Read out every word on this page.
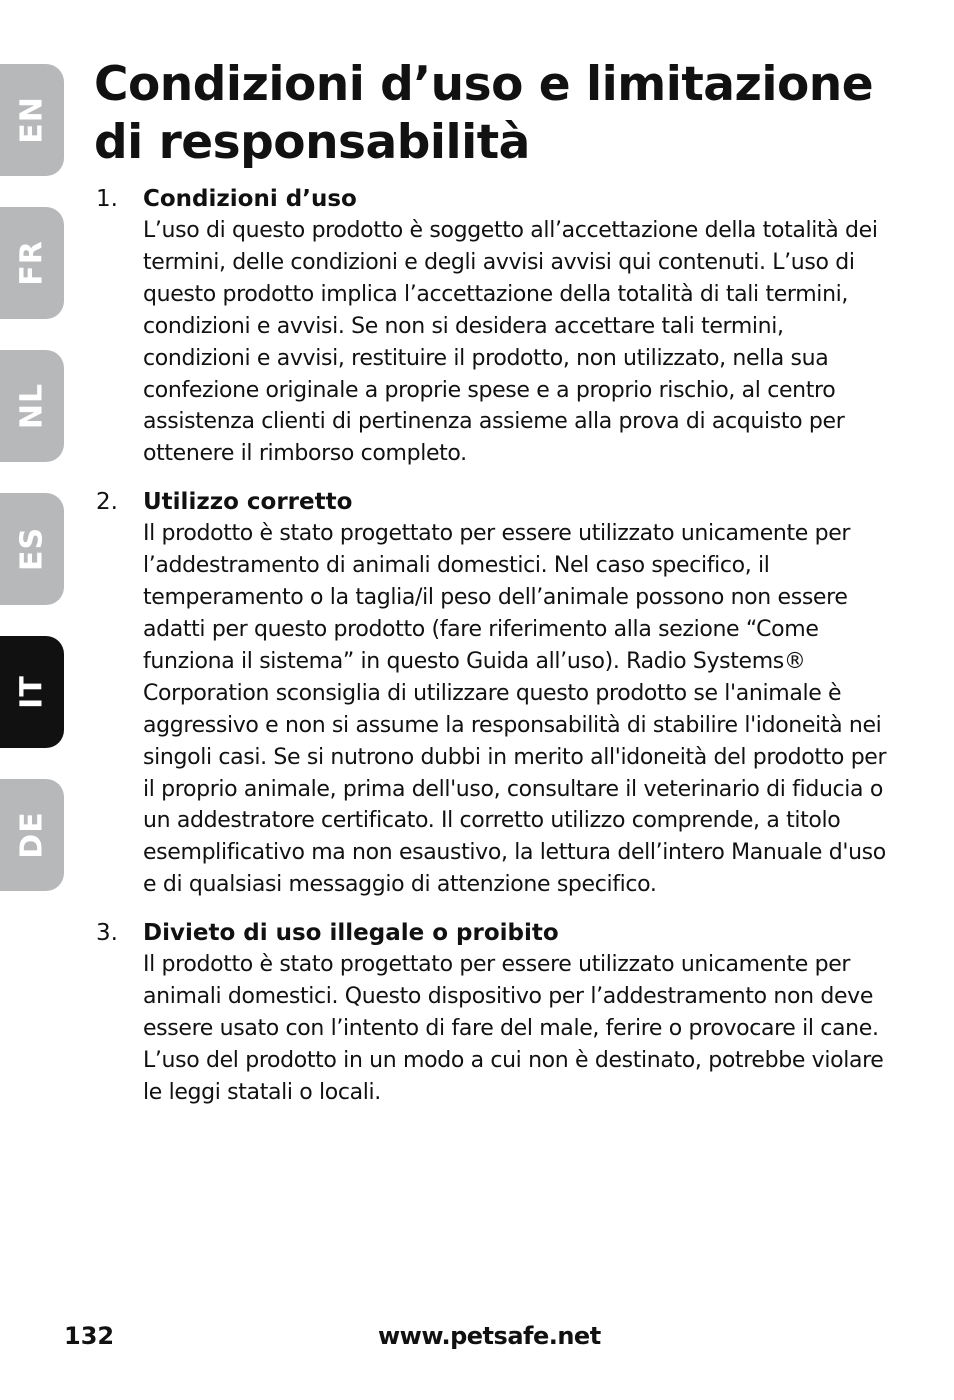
EN
FR
NL
ES
IT
DE
Condizioni d’uso e limitazione di responsabilità
1. Condizioni d’uso
L’uso di questo prodotto è soggetto all’accettazione della totalità dei termini, delle condizioni e degli avvisi avvisi qui contenuti. L’uso di questo prodotto implica l’accettazione della totalità di tali termini, condizioni e avvisi. Se non si desidera accettare tali termini, condizioni e avvisi, restituire il prodotto, non utilizzato, nella sua confezione originale a proprie spese e a proprio rischio, al centro assistenza clienti di pertinenza assieme alla prova di acquisto per ottenere il rimborso completo.
2. Utilizzo corretto
Il prodotto è stato progettato per essere utilizzato unicamente per l’addestramento di animali domestici. Nel caso specifico, il temperamento o la taglia/il peso dell’animale possono non essere adatti per questo prodotto (fare riferimento alla sezione “Come funziona il sistema” in questo Guida all’uso). Radio Systems® Corporation sconsiglia di utilizzare questo prodotto se l'animale è aggressivo e non si assume la responsabilità di stabilire l'idoneità nei singoli casi. Se si nutrono dubbi in merito all'idoneità del prodotto per il proprio animale, prima dell'uso, consultare il veterinario di fiducia o un addestratore certificato. Il corretto utilizzo comprende, a titolo esemplificativo ma non esaustivo, la lettura dell’intero Manuale d'uso e di qualsiasi messaggio di attenzione specifico.
3. Divieto di uso illegale o proibito
Il prodotto è stato progettato per essere utilizzato unicamente per animali domestici. Questo dispositivo per l’addestramento non deve essere usato con l’intento di fare del male, ferire o provocare il cane. L’uso del prodotto in un modo a cui non è destinato, potrebbe violare le leggi statali o locali.
132	www.petsafe.net
